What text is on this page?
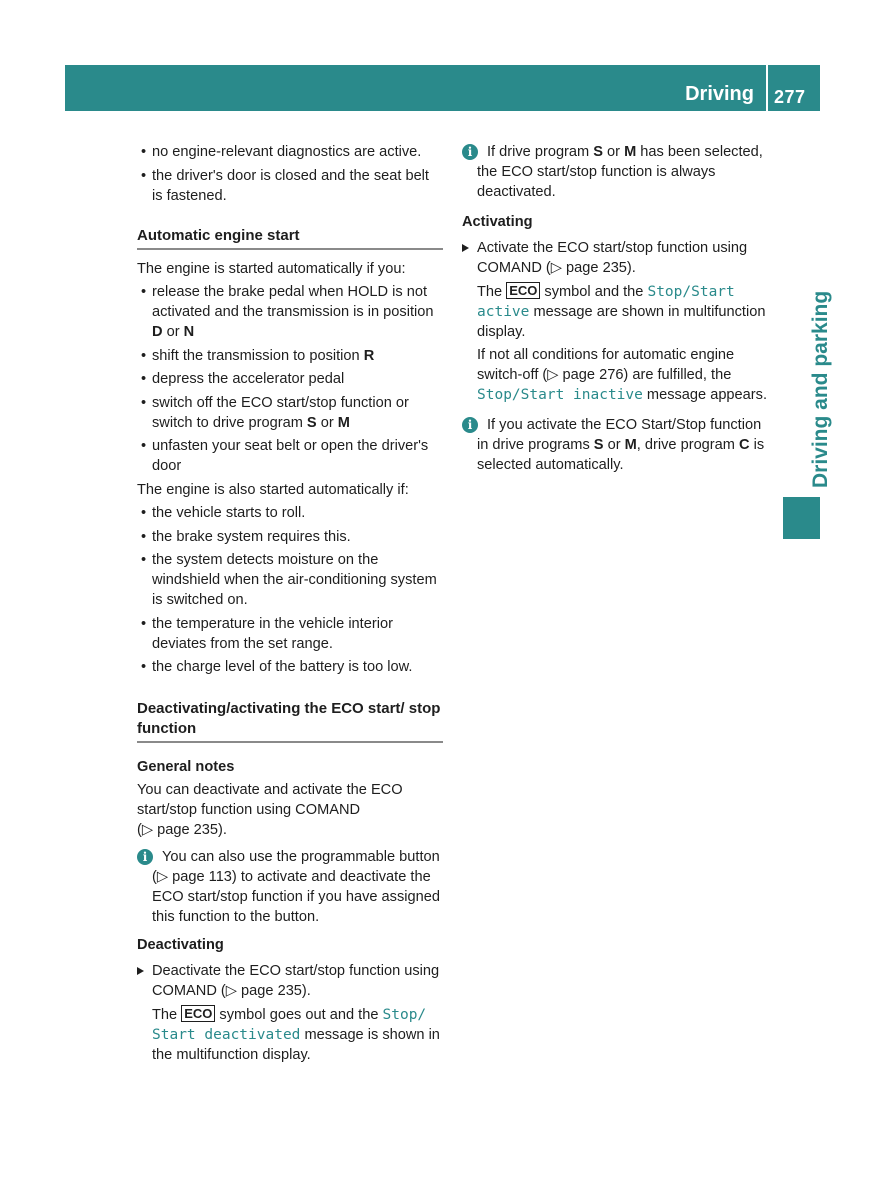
Driving 277
Driving and parking
• no engine-relevant diagnostics are active.
• the driver's door is closed and the seat belt is fastened.
Automatic engine start

The engine is started automatically if you:

• release the brake pedal when HOLD is not activated and the transmission is in position D or N
• shift the transmission to position R
• depress the accelerator pedal
• switch off the ECO start/stop function or switch to drive program S or M
• unfasten your seat belt or open the driver's door

The engine is also started automatically if:

• the vehicle starts to roll.
• the brake system requires this.
• the system detects moisture on the windshield when the air-conditioning system is switched on.
• the temperature in the vehicle interior deviates from the set range.
• the charge level of the battery is too low.
Deactivating/activating the ECO start/ stop function
General notes

You can deactivate and activate the ECO start/stop function using COMAND

(▷ page 235).

i	You can also use the programmable button (▷ page 113) to activate and deactivate the ECO start/stop function if you have assigned this function to the button.
Deactivating
Deactivate the ECO start/stop function using COMAND (▷ page 235).

The ECO symbol goes out and the Stop/ Start deactivated message is shown in the multifunction display.

i	If drive program S or M has been selected, the ECO start/stop function is always deactivated.
Activating
Activate the ECO start/stop function using COMAND (▷ page 235).

The ECO symbol and the Stop/Start active message are shown in multifunction display.

If not all conditions for automatic engine switch-off (▷ page 276) are fulfilled, the Stop/Start inactive message appears.

i	If you activate the ECO Start/Stop function in drive programs S or M, drive program C is selected automatically.
